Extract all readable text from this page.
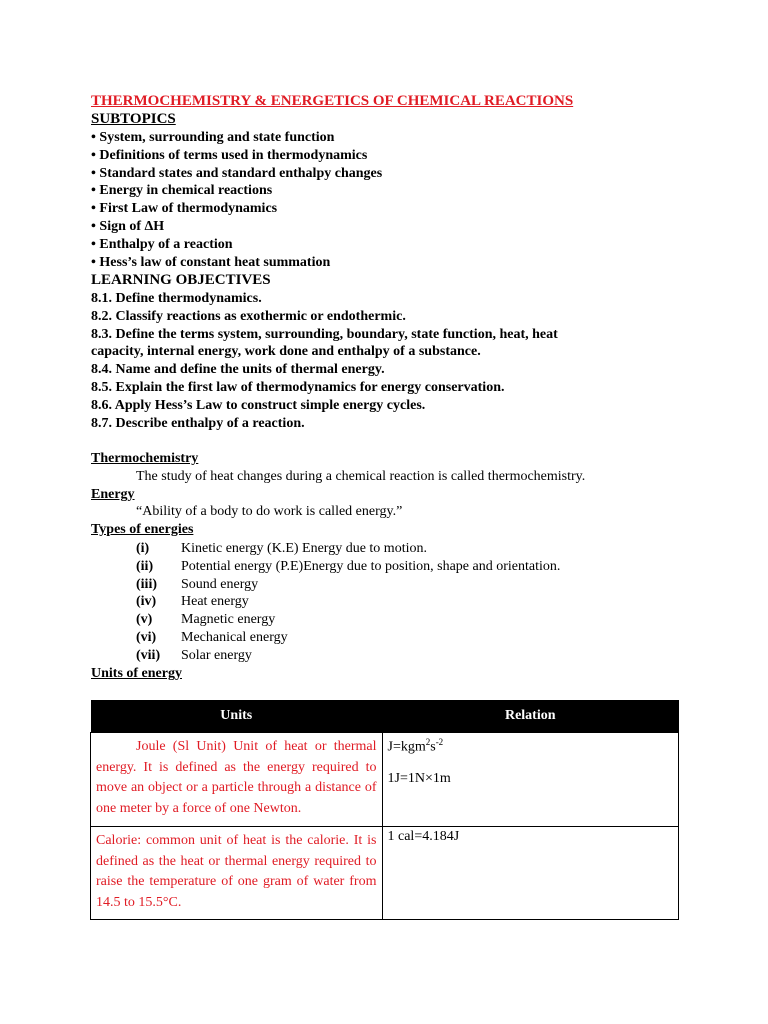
THERMOCHEMISTRY & ENERGETICS OF CHEMICAL REACTIONS
SUBTOPICS
• System, surrounding and state function
• Definitions of terms used in thermodynamics
• Standard states and standard enthalpy changes
• Energy in chemical reactions
• First Law of thermodynamics
• Sign of ΔH
• Enthalpy of a reaction
• Hess’s law of constant heat summation
LEARNING OBJECTIVES
8.1. Define thermodynamics.
8.2. Classify reactions as exothermic or endothermic.
8.3. Define the terms system, surrounding, boundary, state function, heat, heat capacity, internal energy, work done and enthalpy of a substance.
8.4. Name and define the units of thermal energy.
8.5. Explain the first law of thermodynamics for energy conservation.
8.6. Apply Hess’s Law to construct simple energy cycles.
8.7. Describe enthalpy of a reaction.
Thermochemistry
The study of heat changes during a chemical reaction is called thermochemistry.
Energy
“Ability of a body to do work is called energy.”
Types of energies
(i)	Kinetic energy (K.E) Energy due to motion.
(ii)	Potential energy (P.E)Energy due to position, shape and orientation.
(iii)	Sound energy
(iv)	Heat energy
(v)	Magnetic energy
(vi)	Mechanical energy
(vii)	Solar energy
Units of energy
Units	Relation
Joule (Sl Unit) Unit of heat or thermal energy. It is defined as the energy required to move an object or a particle through a distance of one meter by a force of one Newton.	$J=kgm^2s^{-2}$
1J=1N×1m

Calorie: common unit of heat is the calorie. It is defined as the heat or thermal energy required to raise the temperature of one gram of water from 14.5 to 15.5°C.	1 cal=4.184J
